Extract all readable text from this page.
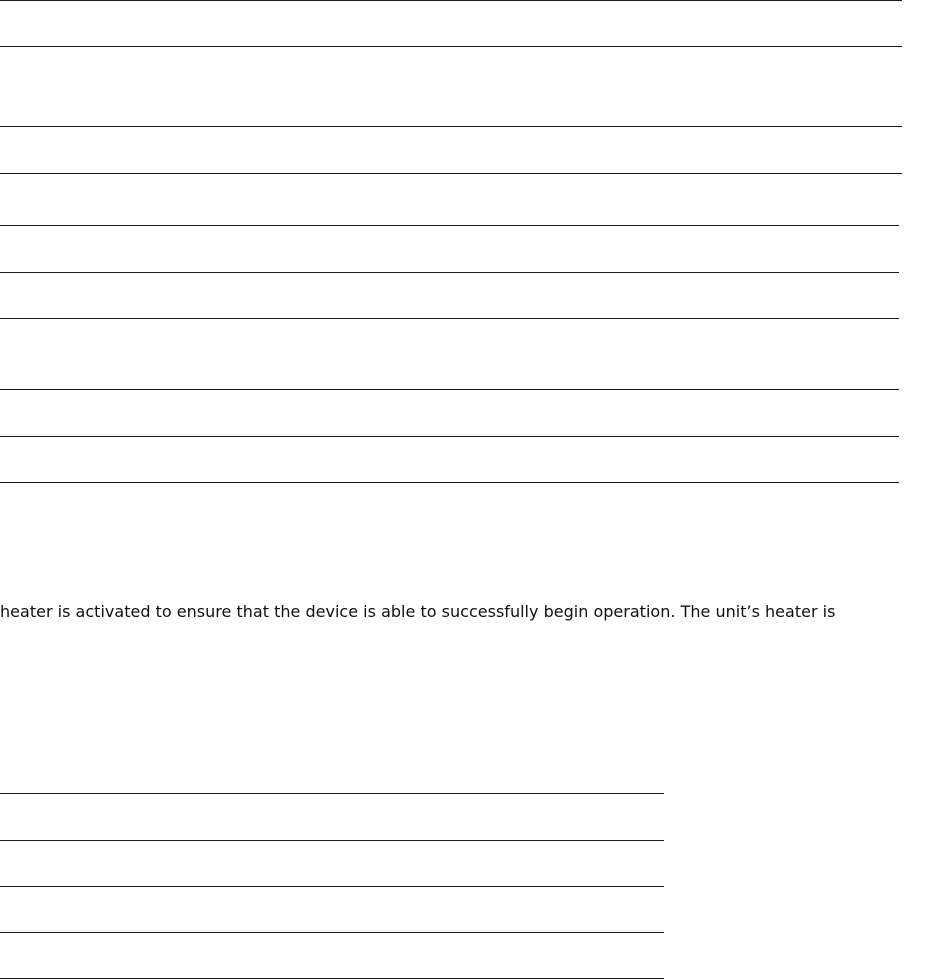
heater is activated to ensure that the device is able to successfully begin operation. The unit’s heater is
